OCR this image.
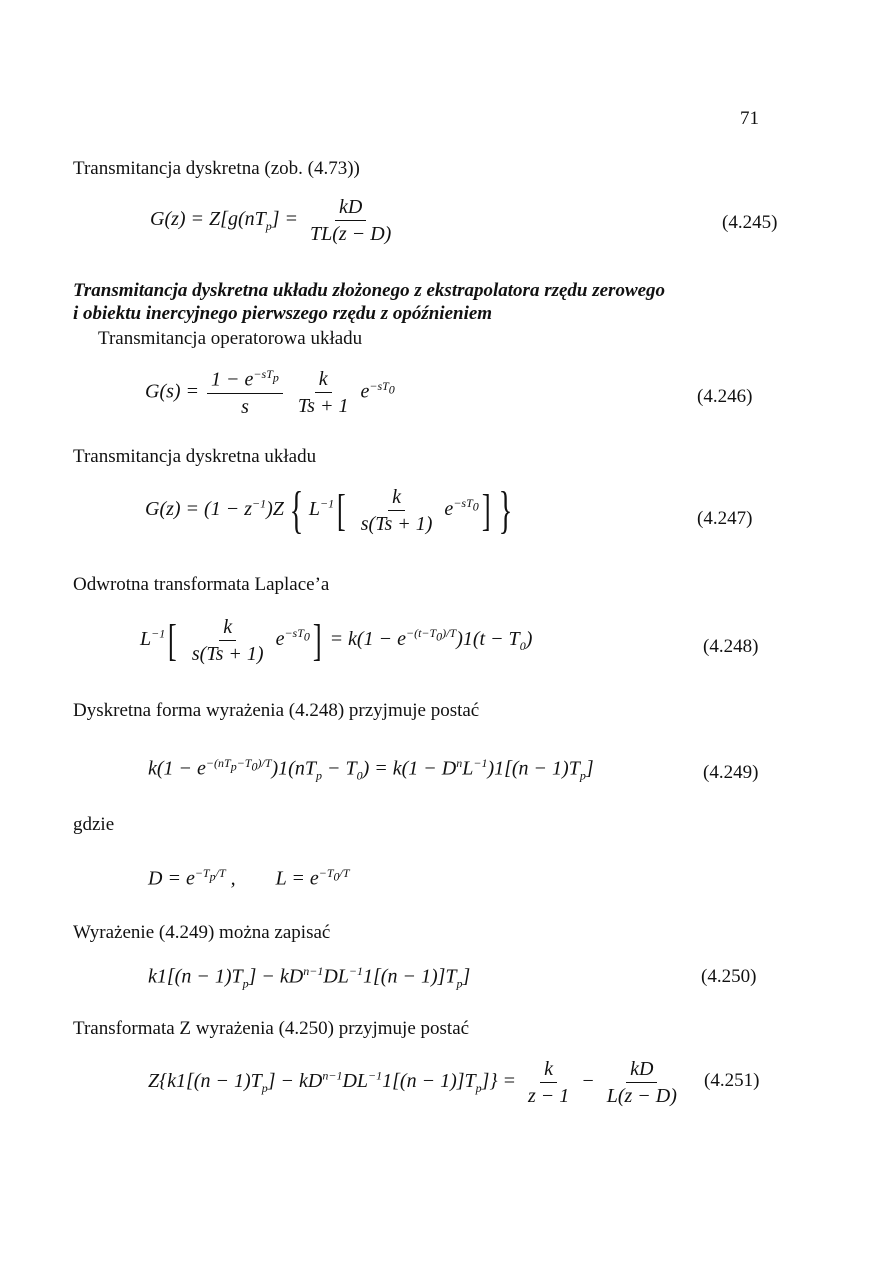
71
Transmitancja dyskretna (zob. (4.73))
$G(z) = Z[g(nT_p] = \frac{kD}{TL(z - D)}$	(4.245)
Transmitancja dyskretna układu złożonego z ekstrapolatora rzędu zerowego
i obiektu inercyjnego pierwszego rzędu z opóźnieniem
Transmitancja operatorowa układu
$G(s) = \frac{1 - e^{-sT_p}}{s}$
$\frac{k}{Ts + 1} e^{-sT_0}$	(4.246)
Transmitancja dyskretna układu
$G(z) = (1 - z^{-1})Z$ { $L^{-1}[ \frac{k}{s(Ts + 1)} e^{-sT_0}]$ }	(4.247)
Odwrotna transformata Laplace’a
$L^{-1}[ \frac{k}{s(Ts + 1)} e^{-sT_0}] = k(1 - e^{-(t-T_0)/T})1(t - T_0)$	(4.248)
Dyskretna forma wyrażenia (4.248) przyjmuje postać
$k(1 - e^{-(nT_p-T_0)/T})1(nT_p - T_0) = k(1 - D^nL^{-1})1[(n - 1)T_p]$	(4.249)
gdzie
$D = e^{-T_p/T}$ ,        $L = e^{-T_0/T}$
Wyrażenie (4.249) można zapisać
$k1[(n - 1)T_p] - kD^{n-1}DL^{-1}1[(n - 1)]T_p$]	(4.250)
Transformata Z wyrażenia (4.250) przyjmuje postać
$Z\{k1[(n - 1)T_p] - kD^{n-1}DL^{-1}1[(n - 1)]T_p]\} = \frac{k}{z - 1} - \frac{kD}{L(z - D)} (4.251)$
